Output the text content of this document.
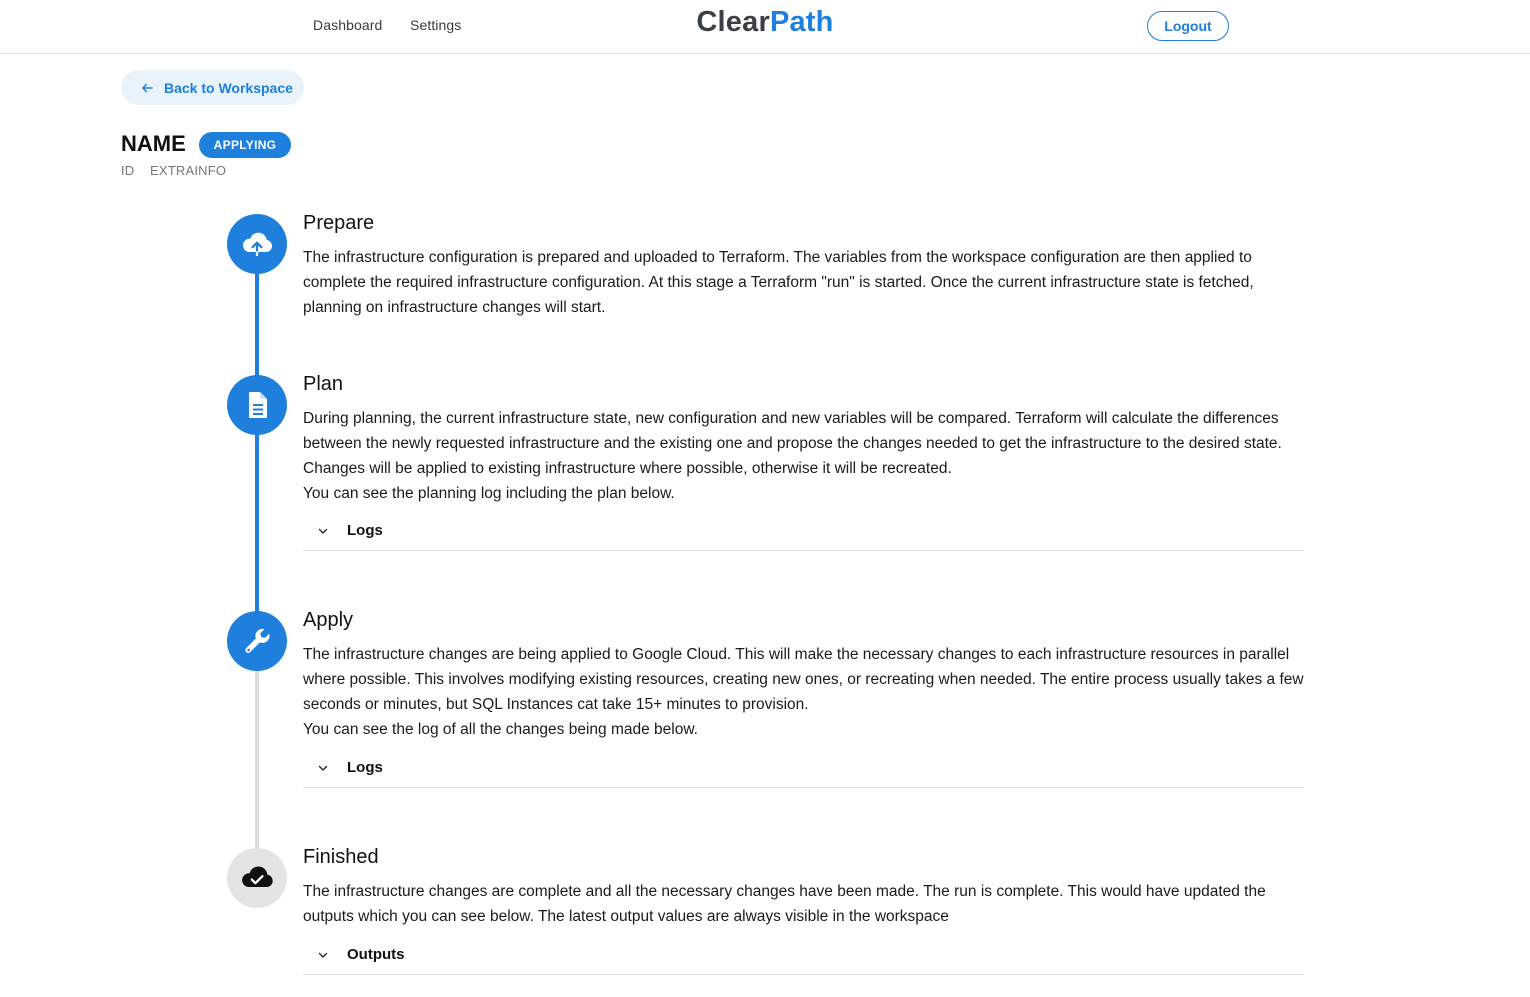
Dashboard Settings	ClearPath	Logout
Back to Workspace
NAME	APPLYING
ID EXTRAINFO
Prepare
The infrastructure configuration is prepared and uploaded to Terraform. The variables from the workspace configuration are then applied to complete the required infrastructure configuration. At this stage a Terraform "run" is started. Once the current infrastructure state is fetched, planning on infrastructure changes will start.
Plan
During planning, the current infrastructure state, new configuration and new variables will be compared. Terraform will calculate the differences between the newly requested infrastructure and the existing one and propose the changes needed to get the infrastructure to the desired state. Changes will be applied to existing infrastructure where possible, otherwise it will be recreated.
You can see the planning log including the plan below.
Logs
Apply
The infrastructure changes are being applied to Google Cloud. This will make the necessary changes to each infrastructure resources in parallel where possible. This involves modifying existing resources, creating new ones, or recreating when needed. The entire process usually takes a few seconds or minutes, but SQL Instances cat take 15+ minutes to provision.
You can see the log of all the changes being made below.
Logs
Finished
The infrastructure changes are complete and all the necessary changes have been made. The run is complete. This would have updated the outputs which you can see below. The latest output values are always visible in the workspace
Outputs
